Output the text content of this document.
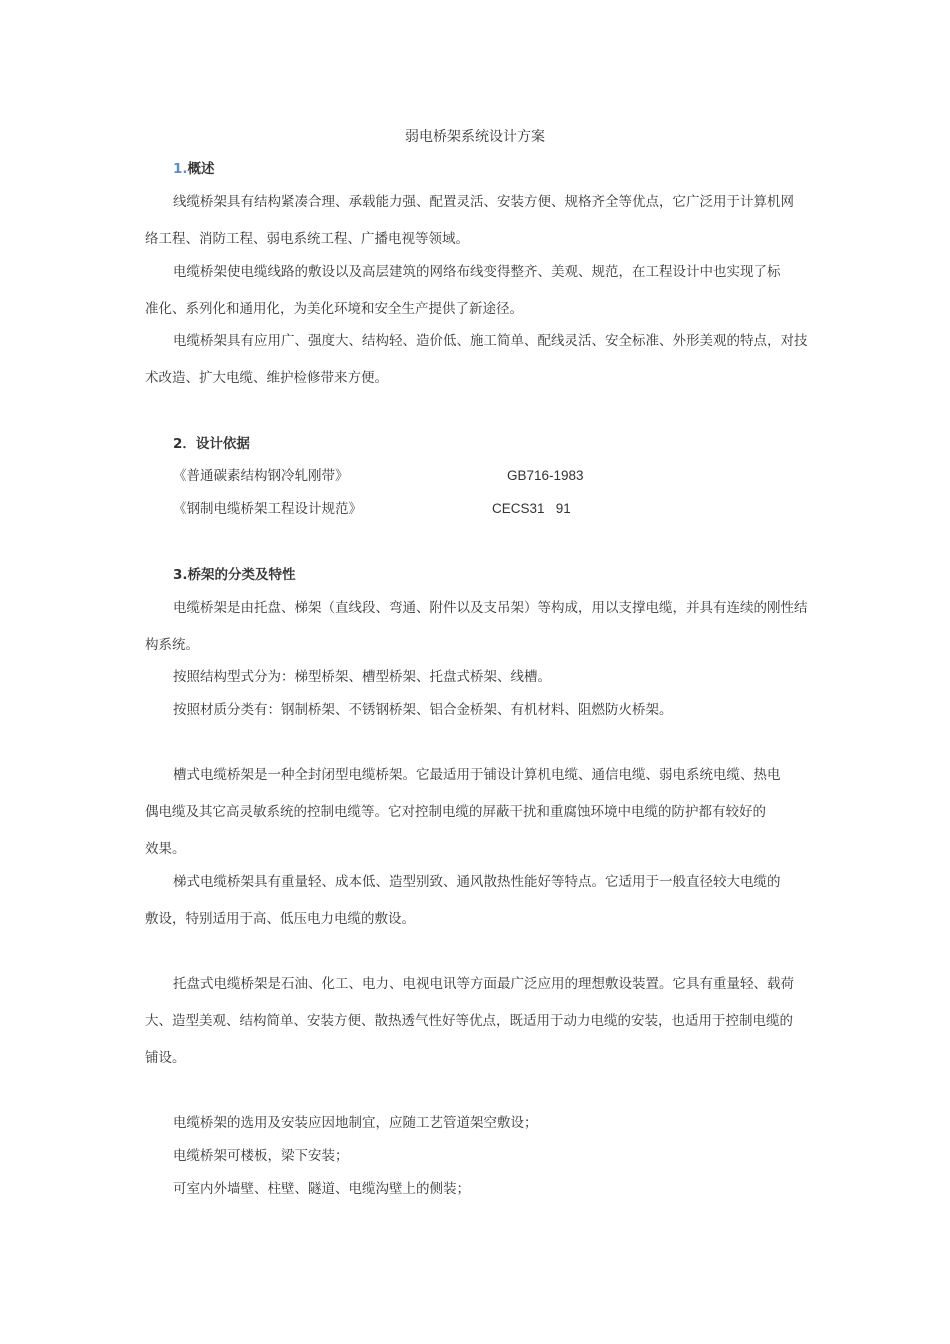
弱电桥架系统设计方案
1.概述
线缆桥架具有结构紧凑合理、承载能力强、配置灵活、安装方便、规格齐全等优点，它广泛用于计算机网
络工程、消防工程、弱电系统工程、广播电视等领域。
电缆桥架使电缆线路的敷设以及高层建筑的网络布线变得整齐、美观、规范，在工程设计中也实现了标
准化、系列化和通用化，为美化环境和安全生产提供了新途径。
电缆桥架具有应用广、强度大、结构轻、造价低、施工简单、配线灵活、安全标准、外形美观的特点，对技
术改造、扩大电缆、维护检修带来方便。
2．设计依据
《普通碳素结构钢冷轧刚带》	GB716-1983
《钢制电缆桥架工程设计规范》	CECS31   91
3.桥架的分类及特性
电缆桥架是由托盘、梯架（直线段、弯通、附件以及支吊架）等构成，用以支撑电缆，并具有连续的刚性结
构系统。
按照结构型式分为：梯型桥架、槽型桥架、托盘式桥架、线槽。
按照材质分类有：钢制桥架、不锈钢桥架、铝合金桥架、有机材料、阻燃防火桥架。
槽式电缆桥架是一种全封闭型电缆桥架。它最适用于铺设计算机电缆、通信电缆、弱电系统电缆、热电
偶电缆及其它高灵敏系统的控制电缆等。它对控制电缆的屏蔽干扰和重腐蚀环境中电缆的防护都有较好的
效果。
梯式电缆桥架具有重量轻、成本低、造型别致、通风散热性能好等特点。它适用于一般直径较大电缆的
敷设，特别适用于高、低压电力电缆的敷设。
托盘式电缆桥架是石油、化工、电力、电视电讯等方面最广泛应用的理想敷设装置。它具有重量轻、载荷
大、造型美观、结构简单、安装方便、散热透气性好等优点，既适用于动力电缆的安装，也适用于控制电缆的
铺设。
电缆桥架的选用及安装应因地制宜，应随工艺管道架空敷设；
电缆桥架可楼板，梁下安装；
可室内外墙壁、柱壁、隧道、电缆沟壁上的侧装；
